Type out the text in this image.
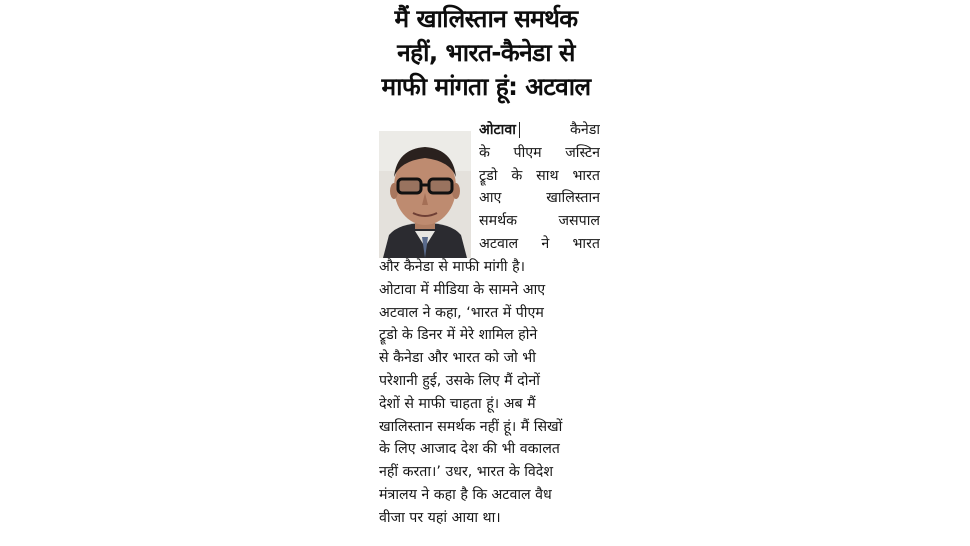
मैं खालिस्तान समर्थक
नहीं, भारत-कैनेडा से
माफी मांगता हूं: अटवाल
ओटावा	कैनेडा
के पीएम जस्टिन
ट्रूडो के साथ भारत
आए खालिस्तान
समर्थक जसपाल
अटवाल ने भारत
और कैनेडा से माफी मांगी है।
ओटावा में मीडिया के सामने आए
अटवाल ने कहा, ‘भारत में पीएम
ट्रूडो के डिनर में मेरे शामिल होने
से कैनेडा और भारत को जो भी
परेशानी हुई, उसके लिए मैं दोनों
देशों से माफी चाहता हूं। अब मैं
खालिस्तान समर्थक नहीं हूं। मैं सिखों
के लिए आजाद देश की भी वकालत
नहीं करता।’ उधर, भारत के विदेश
मंत्रालय ने कहा है कि अटवाल वैध
वीजा पर यहां आया था।
